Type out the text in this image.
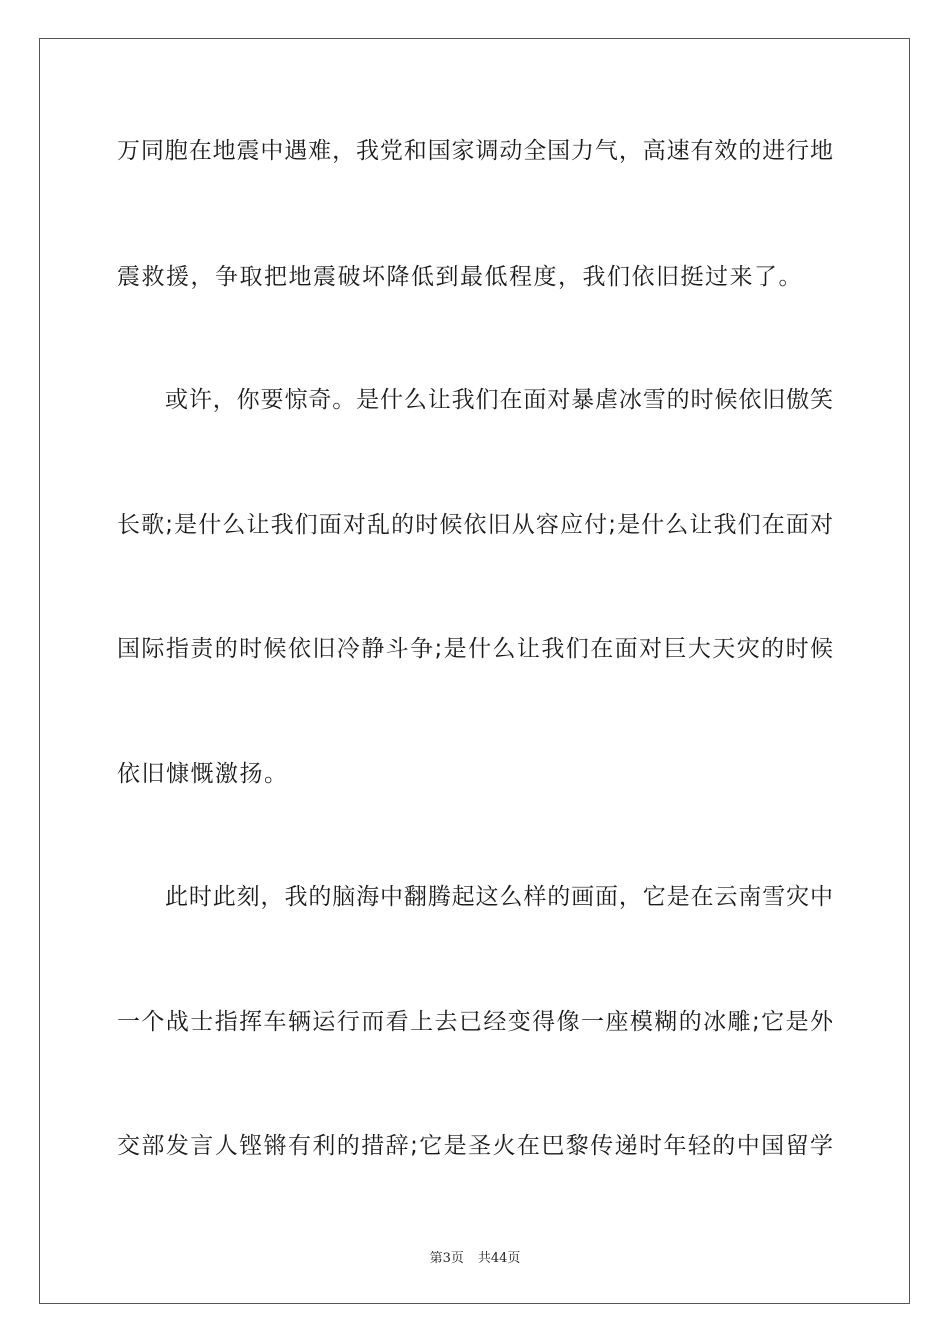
万同胞在地震中遇难，我党和国家调动全国力气，高速有效的进行地
震救援，争取把地震破坏降低到最低程度，我们依旧挺过来了。
或许，你要惊奇。是什么让我们在面对暴虐冰雪的时候依旧傲笑
长歌;是什么让我们面对乱的时候依旧从容应付;是什么让我们在面对
国际指责的时候依旧冷静斗争;是什么让我们在面对巨大天灾的时候
依旧慷慨激扬。
此时此刻，我的脑海中翻腾起这么样的画面，它是在云南雪灾中
一个战士指挥车辆运行而看上去已经变得像一座模糊的冰雕;它是外
交部发言人铿锵有利的措辞;它是圣火在巴黎传递时年轻的中国留学
第3页 共44页
